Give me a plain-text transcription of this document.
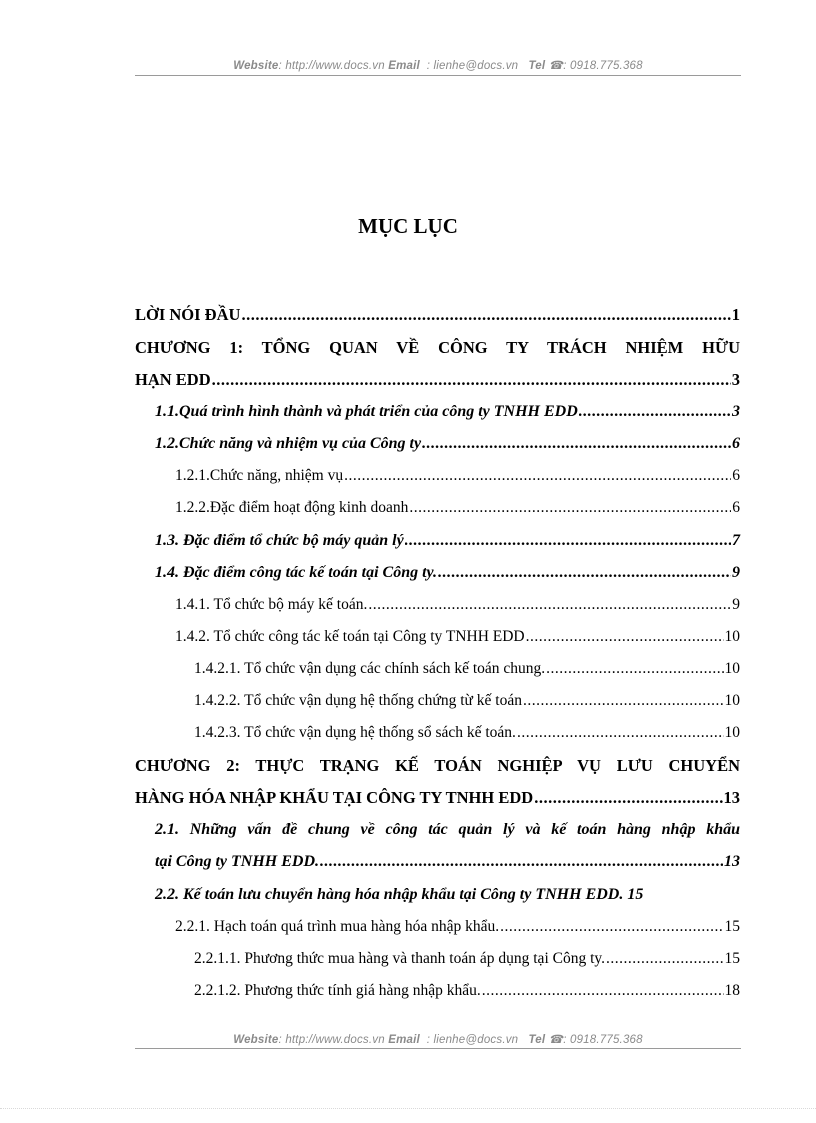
Website: http://www.docs.vn Email : lienhe@docs.vn Tel ☎: 0918.775.368
MỤC LỤC
LỜI NÓI ĐẦU .....	1
CHƯƠNG 1: TỔNG QUAN VỀ CÔNG TY TRÁCH NHIỆM HỮU
HẠN EDD .....	3
1.1.Quá trình hình thành và phát triển của công ty TNHH EDD .....	3
1.2.Chức năng và nhiệm vụ của Công ty .....	6
1.2.1.Chức năng, nhiệm vụ .....	6
1.2.2.Đặc điểm hoạt động kinh doanh .....	6
1.3. Đặc điểm tổ chức bộ máy quản lý .....	7
1.4. Đặc điểm công tác kế toán tại Công ty. .....	9
1.4.1. Tổ chức bộ máy kế toán. .....	9
1.4.2. Tổ chức công tác kế toán tại Công ty TNHH EDD .....	10
1.4.2.1. Tổ chức vận dụng các chính sách kế toán chung. .....	10
1.4.2.2. Tổ chức vận dụng hệ thống chứng từ kế toán .....	10
1.4.2.3. Tổ chức vận dụng hệ thống sổ sách kế toán. .....	10
CHƯƠNG 2: THỰC TRẠNG KẾ TOÁN NGHIỆP VỤ LƯU CHUYỂN
HÀNG HÓA NHẬP KHẨU TẠI CÔNG TY TNHH EDD .....	13
2.1. Những vấn đề chung về công tác quản lý và kế toán hàng nhập khẩu
tại Công ty TNHH EDD. .....	13
2.2. Kế toán lưu chuyển hàng hóa nhập khẩu tại Công ty TNHH EDD. 15
2.2.1. Hạch toán quá trình mua hàng hóa nhập khẩu. .....	15
2.2.1.1. Phương thức mua hàng và thanh toán áp dụng tại Công ty. .....	15
2.2.1.2. Phương thức tính giá hàng nhập khẩu. .....	18
Website: http://www.docs.vn Email : lienhe@docs.vn Tel ☎: 0918.775.368
